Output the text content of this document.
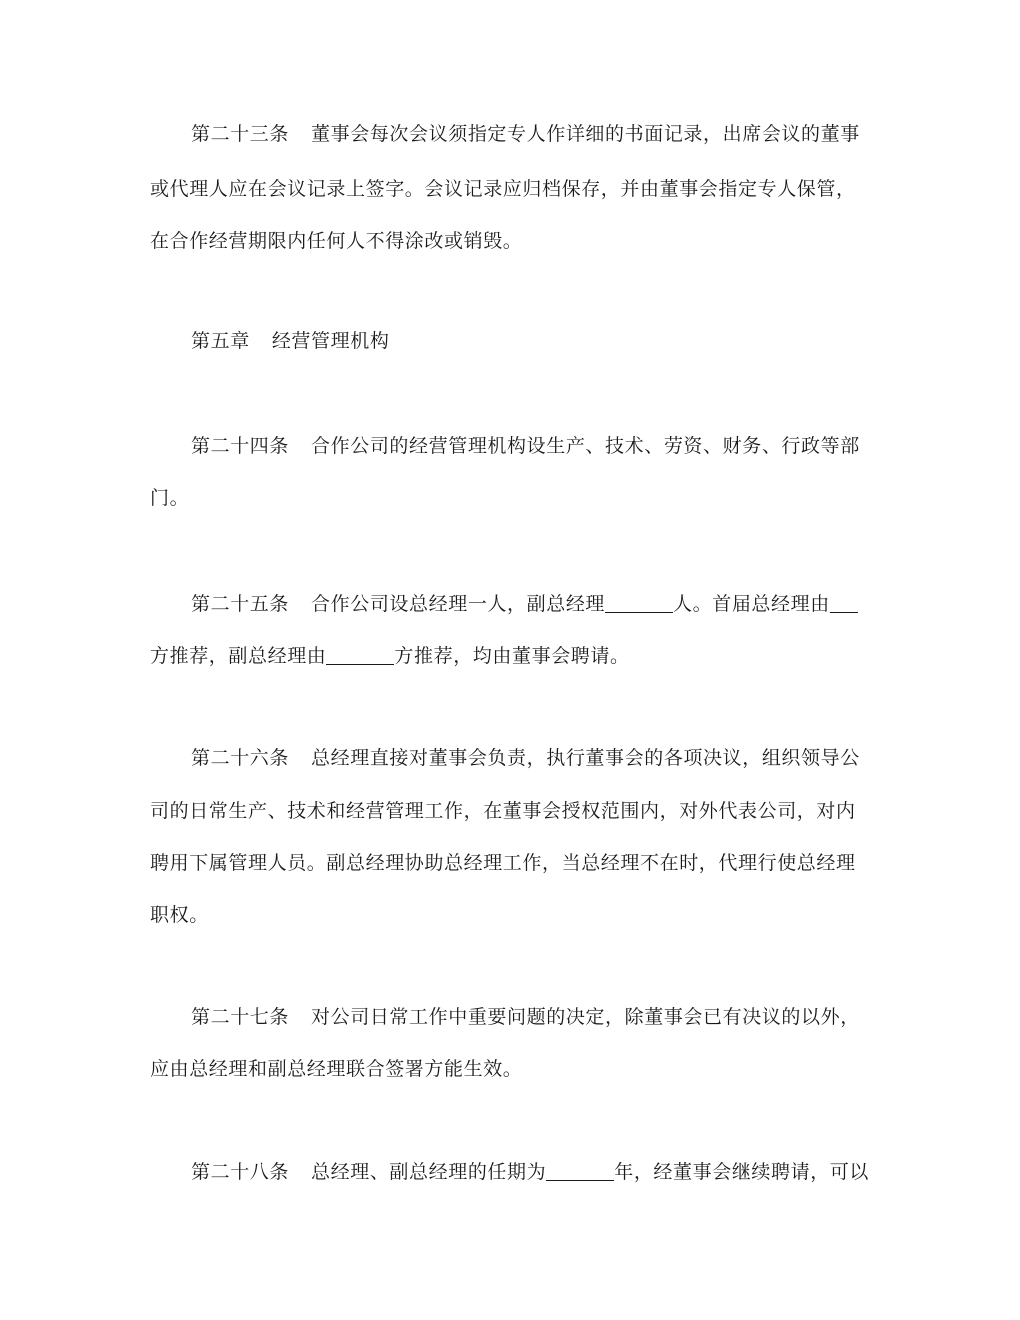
第二十三条 董事会每次会议须指定专人作详细的书面记录，出席会议的董事
或代理人应在会议记录上签字。会议记录应归档保存，并由董事会指定专人保管，
在合作经营期限内任何人不得涂改或销毁。
第五章 经营管理机构
第二十四条 合作公司的经营管理机构设生产、技术、劳资、财务、行政等部
门。
第二十五条 合作公司设总经理一人，副总经理	人。首届总经理由
方推荐，副总经理由	方推荐，均由董事会聘请。
第二十六条 总经理直接对董事会负责，执行董事会的各项决议，组织领导公
司的日常生产、技术和经营管理工作，在董事会授权范围内，对外代表公司，对内
聘用下属管理人员。副总经理协助总经理工作，当总经理不在时，代理行使总经理
职权。
第二十七条 对公司日常工作中重要问题的决定，除董事会已有决议的以外，
应由总经理和副总经理联合签署方能生效。
第二十八条 总经理、副总经理的任期为	年，经董事会继续聘请，可以
